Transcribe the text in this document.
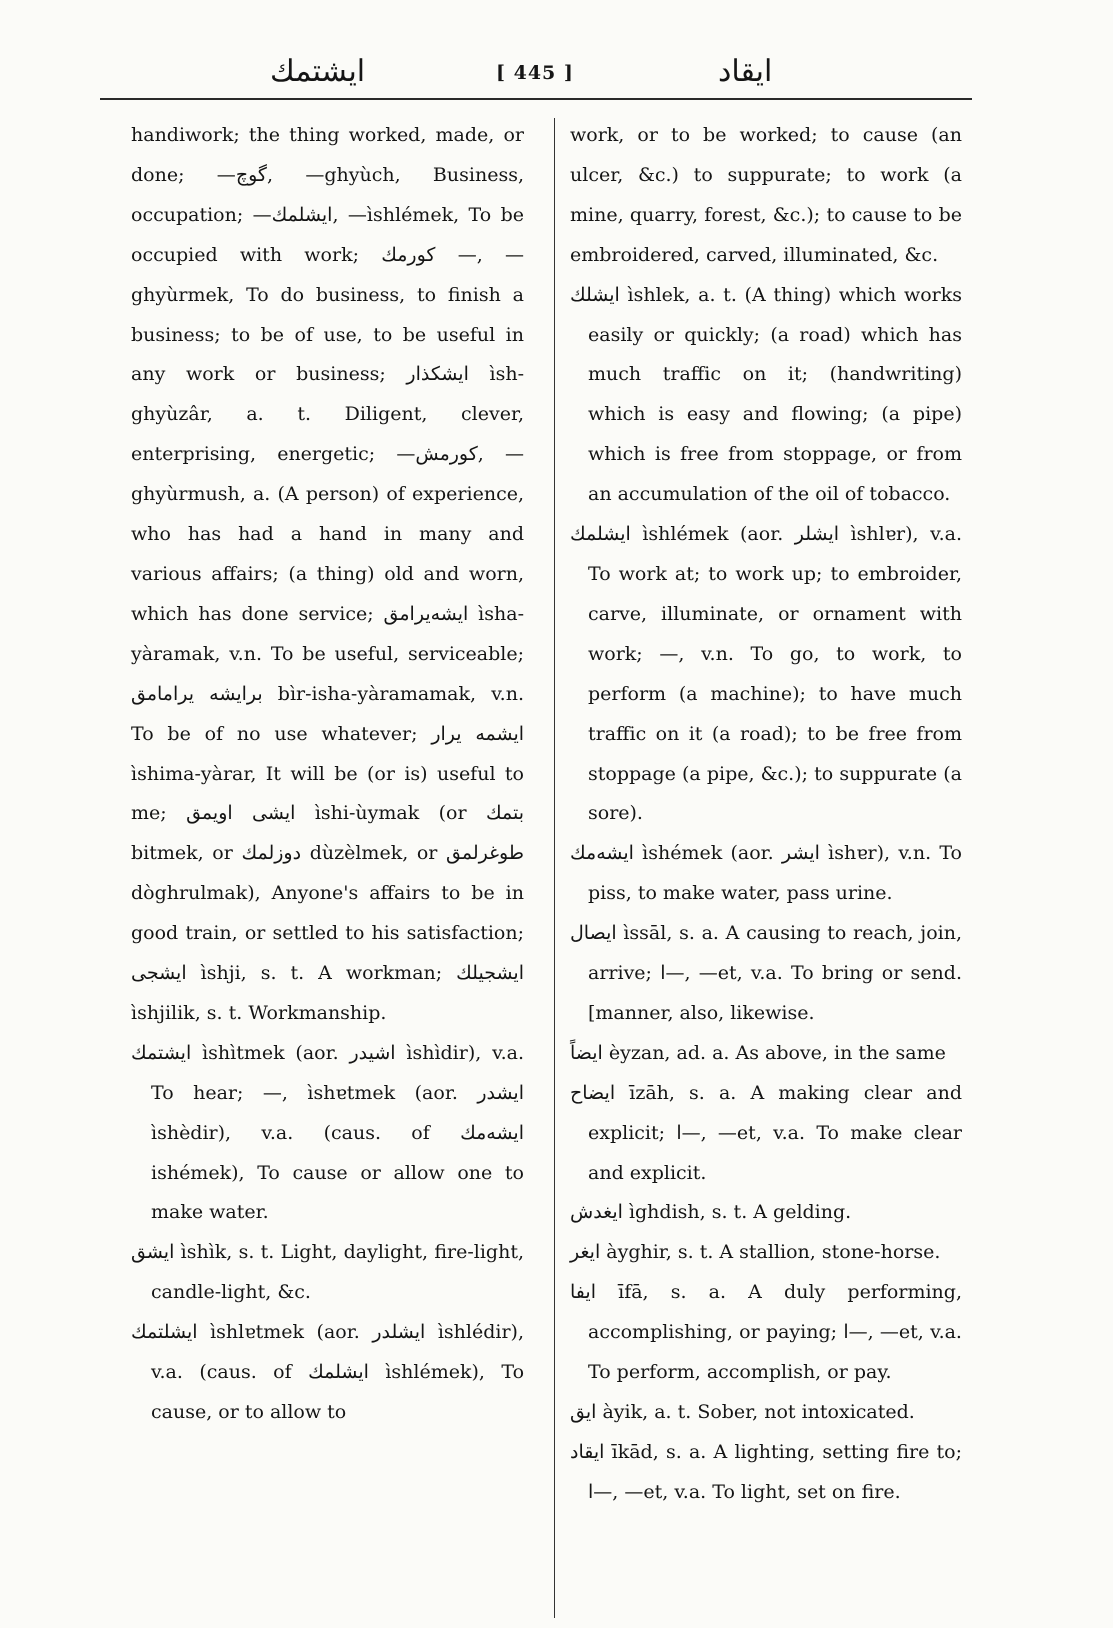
ایشتمك	[ 445 ]	ایقاد

handiwork; the thing worked, made, or done; —گوچ, —ghyùch, Business, occupation; —ایشلمك, —ìshlémek, To be occupied with work; كورمك —, —ghyùrmek, To do business, to finish a business; to be of use, to be useful in any work or business; ایشكذار ìsh-ghyùzâr, a. t. Diligent, clever, enterprising, energetic; —كورمش, —ghyùrmush, a. (A person) of experience, who has had a hand in many and various affairs; (a thing) old and worn, which has done service; ایشه‌یرامق ìsha-yàramak, v.n. To be useful, serviceable; برایشه یرامامق bìr-isha-yàramamak, v.n. To be of no use whatever; ایشمه یرار ìshima-yàrar, It will be (or is) useful to me; ایشی اویمق ìshi-ùymak (or بتمك bitmek, or دوزلمك dùzèlmek, or طوغرلمق dòghrulmak), Anyone's affairs to be in good train, or settled to his satisfaction; ایشجی ìshji, s. t. A workman; ایشجیلك ìshjilik, s. t. Workmanship.

ایشتمك ìshìtmek (aor. اشیدر ìshìdir), v.a. To hear; —, ìshɐtmek (aor. ایشدر ìshèdir), v.a. (caus. of ایشه‌مك ishémek), To cause or allow one to make water.

ایشق ìshìk, s. t. Light, daylight, fire-light, candle-light, &c.

ایشلتمك ìshlɐtmek (aor. ایشلدر ìshlédir), v.a. (caus. of ایشلمك ìshlémek), To cause, or to allow to

work, or to be worked; to cause (an ulcer, &c.) to suppurate; to work (a mine, quarry, forest, &c.); to cause to be embroidered, carved, illuminated, &c.

ایشلك ìshlek, a. t. (A thing) which works easily or quickly; (a road) which has much traffic on it; (handwriting) which is easy and flowing; (a pipe) which is free from stoppage, or from an accumulation of the oil of tobacco.

ایشلمك ìshlémek (aor. ایشلر ìshlɐr), v.a. To work at; to work up; to embroider, carve, illuminate, or ornament with work; —, v.n. To go, to work, to perform (a machine); to have much traffic on it (a road); to be free from stoppage (a pipe, &c.); to suppurate (a sore).

ایشه‌مك ìshémek (aor. ایشر ìshɐr), v.n. To piss, to make water, pass urine.

ایصال ìssāl, s. a. A causing to reach, join, arrive; ا—, —et, v.a. To bring or send. [manner, also, likewise.

ایضاً èyzan, ad. a. As above, in the same

ایضاح īzāh, s. a. A making clear and explicit; ا—, —et, v.a. To make clear and explicit.

ایغدش ìghdish, s. t. A gelding.

ایغر àyghir, s. t. A stallion, stone-horse.

ایفا īfā, s. a. A duly performing, accomplishing, or paying; ا—, —et, v.a. To perform, accomplish, or pay.

ایق àyik, a. t. Sober, not intoxicated.

ایقاد īkād, s. a. A lighting, setting fire to; ا—, —et, v.a. To light, set on fire.
